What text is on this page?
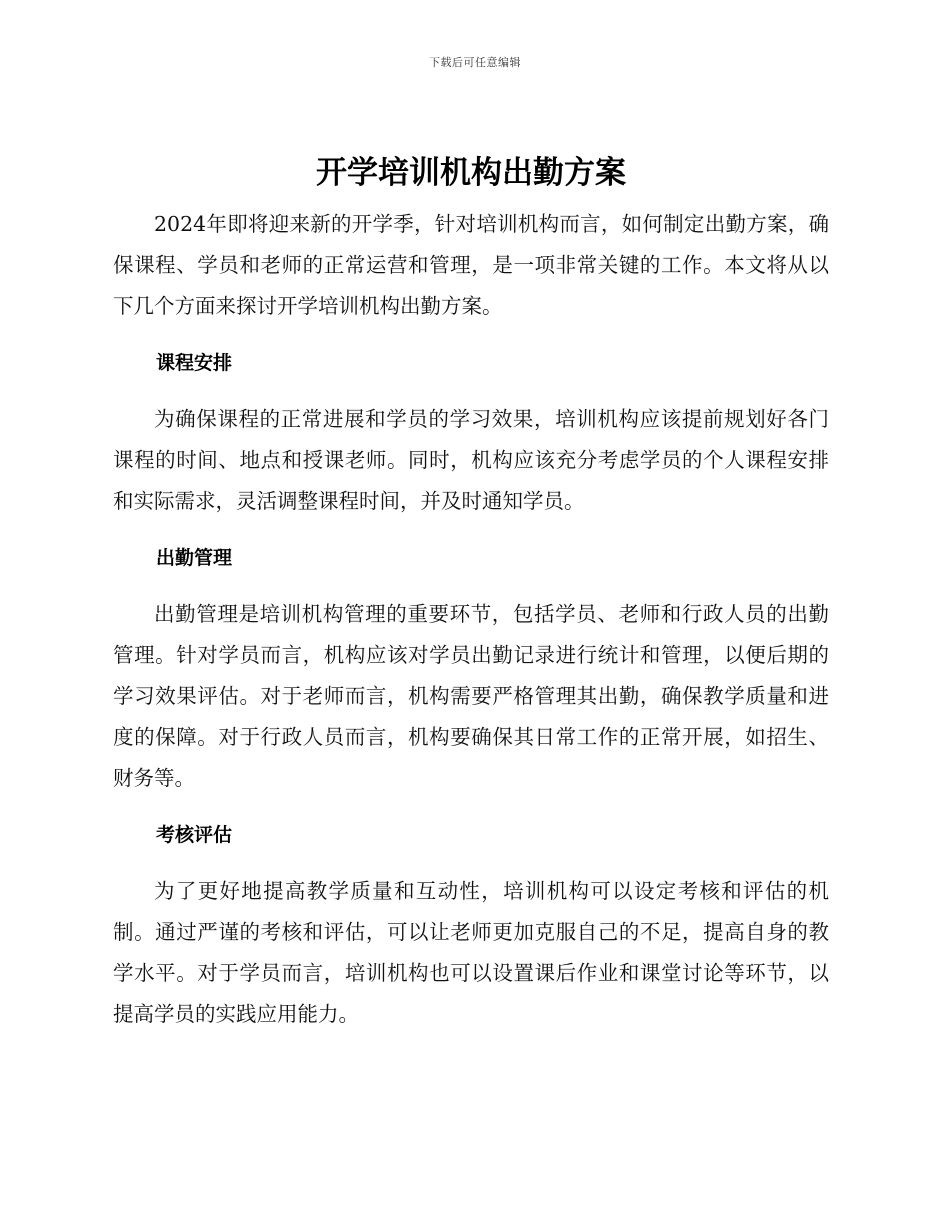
下载后可任意编辑
开学培训机构出勤方案

2024年即将迎来新的开学季，针对培训机构而言，如何制定出勤方案，确保课程、学员和老师的正常运营和管理，是一项非常关键的工作。本文将从以下几个方面来探讨开学培训机构出勤方案。

课程安排

为确保课程的正常进展和学员的学习效果，培训机构应该提前规划好各门课程的时间、地点和授课老师。同时，机构应该充分考虑学员的个人课程安排和实际需求，灵活调整课程时间，并及时通知学员。

出勤管理

出勤管理是培训机构管理的重要环节，包括学员、老师和行政人员的出勤管理。针对学员而言，机构应该对学员出勤记录进行统计和管理，以便后期的学习效果评估。对于老师而言，机构需要严格管理其出勤，确保教学质量和进度的保障。对于行政人员而言，机构要确保其日常工作的正常开展，如招生、财务等。

考核评估

为了更好地提高教学质量和互动性，培训机构可以设定考核和评估的机制。通过严谨的考核和评估，可以让老师更加克服自己的不足，提高自身的教学水平。对于学员而言，培训机构也可以设置课后作业和课堂讨论等环节，以提高学员的实践应用能力。
